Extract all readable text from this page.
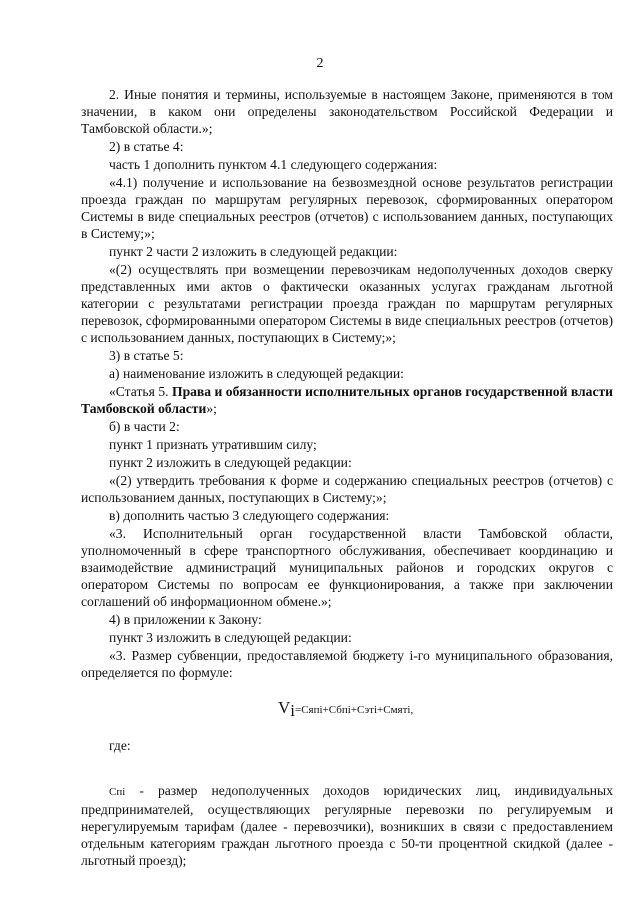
2

2. Иные понятия и термины, используемые в настоящем Законе, применяются в том значении, в каком они определены законодательством Российской Федерации и Тамбовской области.»;

2) в статье 4:

часть 1 дополнить пунктом 4.1 следующего содержания:

«4.1) получение и использование на безвозмездной основе результатов регистрации проезда граждан по маршрутам регулярных перевозок, сформированных оператором Системы в виде специальных реестров (отчетов) с использованием данных, поступающих в Систему;»;

пункт 2 части 2 изложить в следующей редакции:

«(2) осуществлять при возмещении перевозчикам недополученных доходов сверку представленных ими актов о фактически оказанных услугах гражданам льготной категории с результатами регистрации проезда граждан по маршрутам регулярных перевозок, сформированными оператором Системы в виде специальных реестров (отчетов) с использованием данных, поступающих в Систему;»;

3) в статье 5:

а) наименование изложить в следующей редакции:

«Статья 5. Права и обязанности исполнительных органов государственной власти Тамбовской области»;

б) в части 2:

пункт 1 признать утратившим силу;

пункт 2 изложить в следующей редакции:

«(2) утвердить требования к форме и содержанию специальных реестров (отчетов) с использованием данных, поступающих в Систему;»;

в) дополнить частью 3 следующего содержания:

«3. Исполнительный орган государственной власти Тамбовской области, уполномоченный в сфере транспортного обслуживания, обеспечивает координацию и взаимодействие администраций муниципальных районов и городских округов с оператором Системы по вопросам ее функционирования, а также при заключении соглашений об информационном обмене.»;

4) в приложении к Закону:

пункт 3 изложить в следующей редакции:

«3. Размер субвенции, предоставляемой бюджету i-го муниципального образования, определяется по формуле:

Vi=Сяпi+Сбпi+Сэтi+Смятi,

где:

Спi - размер недополученных доходов юридических лиц, индивидуальных предпринимателей, осуществляющих регулярные перевозки по регулируемым и нерегулируемым тарифам (далее - перевозчики), возникших в связи с предоставлением отдельным категориям граждан льготного проезда с 50-ти процентной скидкой (далее - льготный проезд);
